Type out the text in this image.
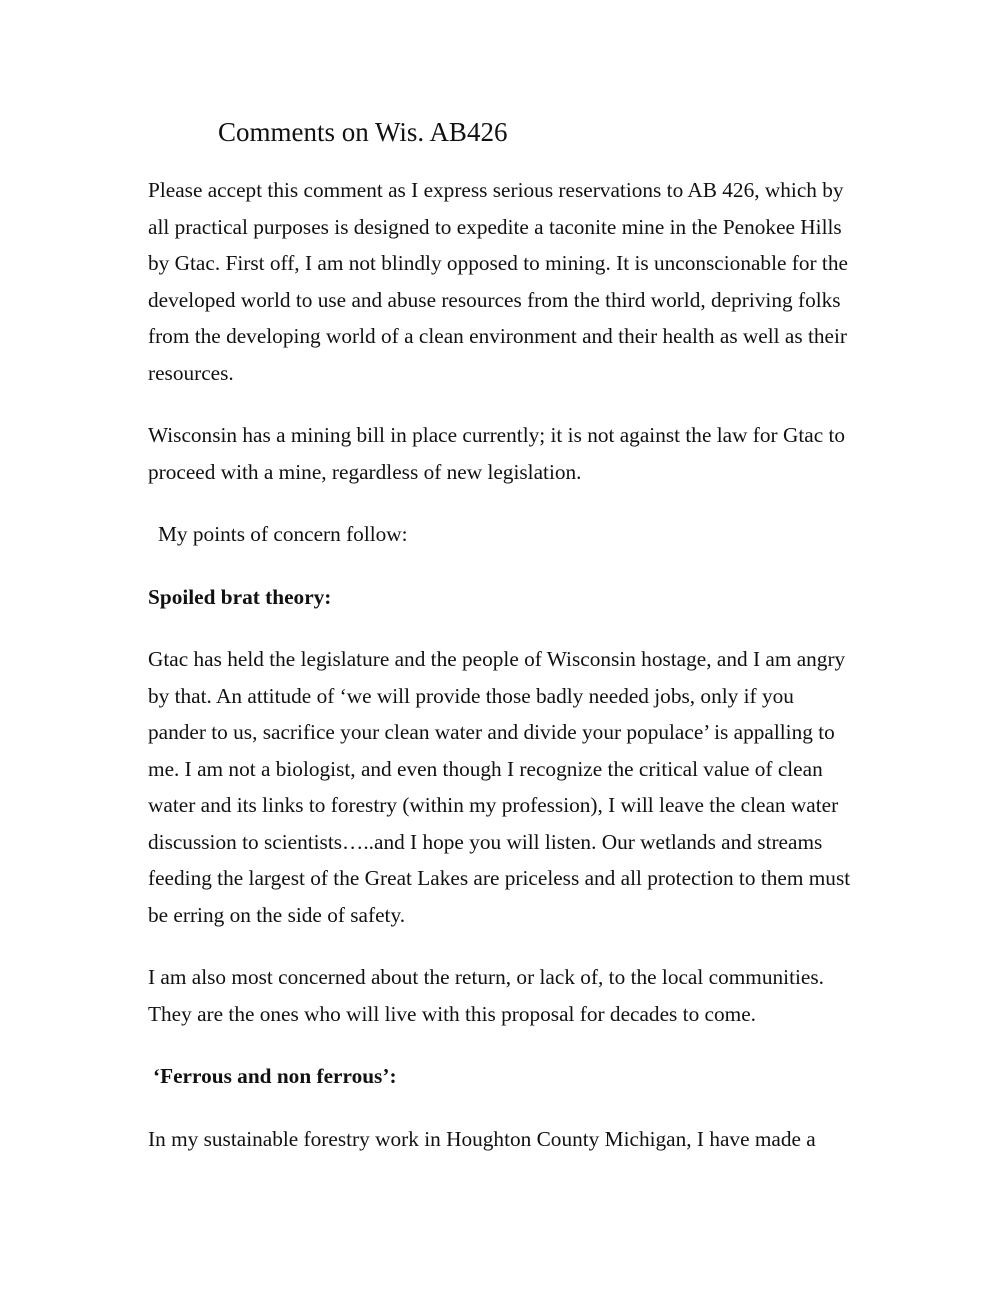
Comments on Wis. AB426
Please accept this comment as I express serious reservations to AB 426, which by
all practical purposes is designed to expedite a taconite mine in the Penokee Hills
by Gtac. First off, I am not blindly opposed to mining. It is unconscionable for the
developed world to use and abuse resources from the third world, depriving folks
from the developing world of a clean environment and their health as well as their
resources.
Wisconsin has a mining bill in place currently; it is not against the law for Gtac to
proceed with a mine, regardless of new legislation.
My points of concern follow:
Spoiled brat theory:
Gtac has held the legislature and the people of Wisconsin hostage, and I am angry
by that. An attitude of ‘we will provide those badly needed jobs, only if you
pander to us, sacrifice your clean water and divide your populace’ is appalling to
me. I am not a biologist, and even though I recognize the critical value of clean
water and its links to forestry (within my profession), I will leave the clean water
discussion to scientists…..and I hope you will listen. Our wetlands and streams
feeding the largest of the Great Lakes are priceless and all protection to them must
be erring on the side of safety.
I am also most concerned about the return, or lack of, to the local communities.
They are the ones who will live with this proposal for decades to come.
‘Ferrous and non ferrous’:
In my sustainable forestry work in Houghton County Michigan, I have made a
